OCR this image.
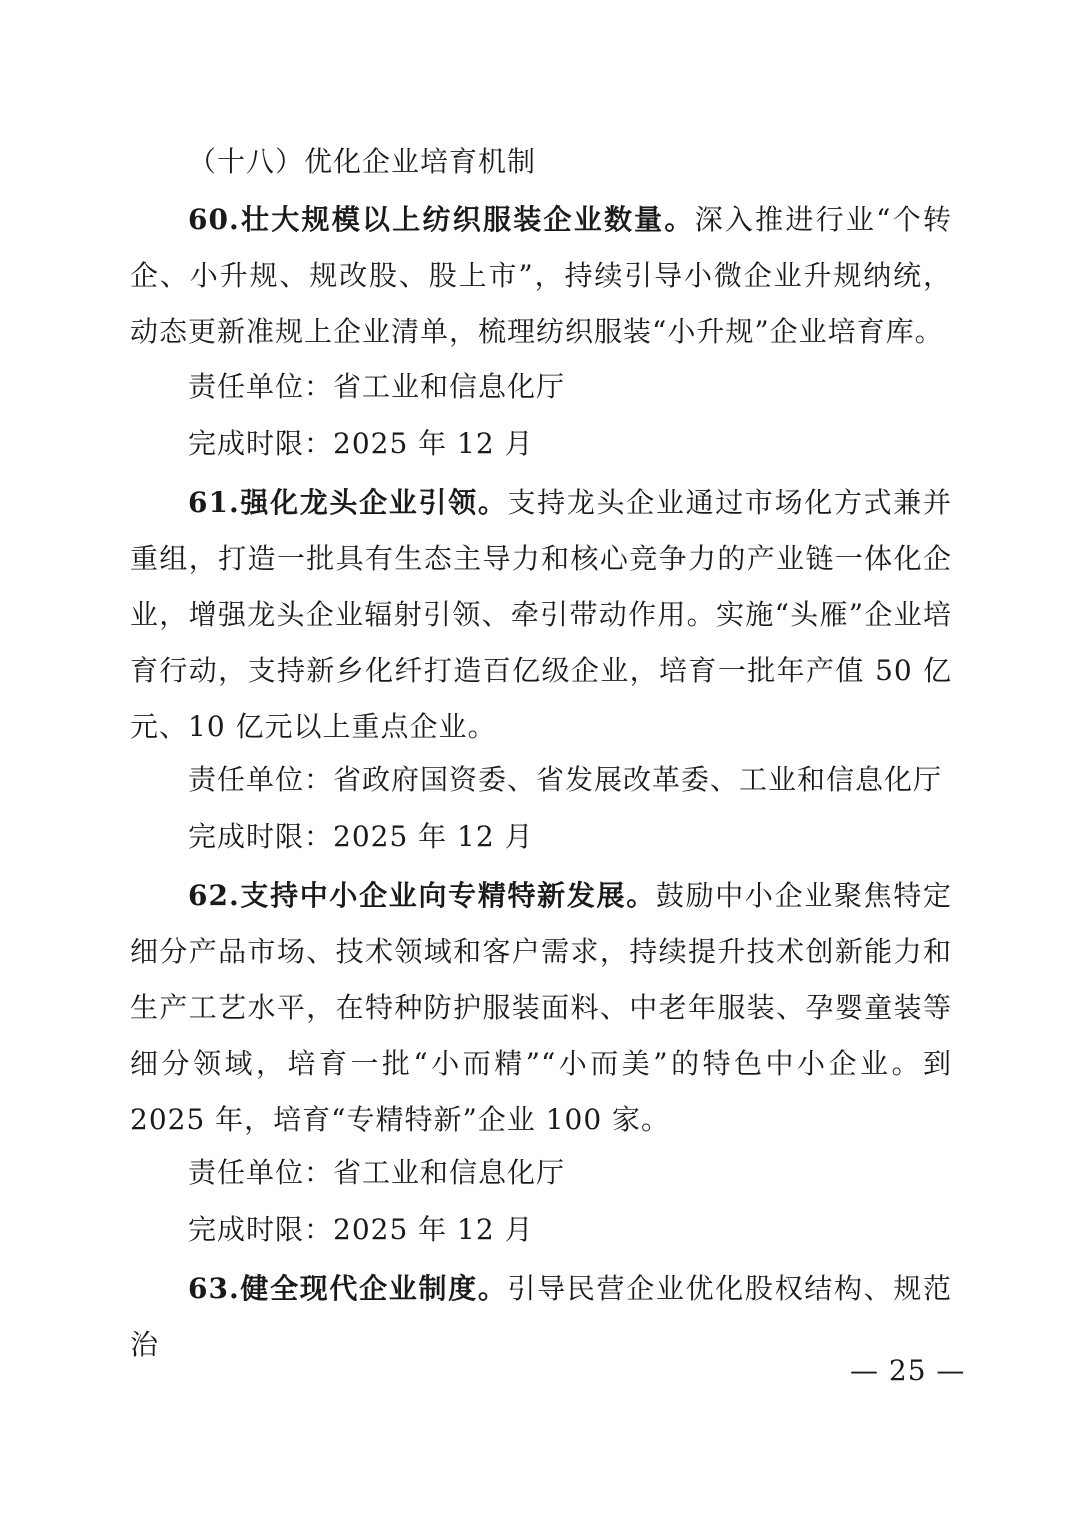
（十八）优化企业培育机制

60.壮大规模以上纺织服装企业数量。深入推进行业“个转企、小升规、规改股、股上市”，持续引导小微企业升规纳统，动态更新准规上企业清单，梳理纺织服装“小升规”企业培育库。

责任单位：省工业和信息化厅
完成时限：2025 年 12 月

61.强化龙头企业引领。支持龙头企业通过市场化方式兼并重组，打造一批具有生态主导力和核心竞争力的产业链一体化企业，增强龙头企业辐射引领、牵引带动作用。实施“头雁”企业培育行动，支持新乡化纤打造百亿级企业，培育一批年产值 50 亿元、10 亿元以上重点企业。

责任单位：省政府国资委、省发展改革委、工业和信息化厅
完成时限：2025 年 12 月

62.支持中小企业向专精特新发展。鼓励中小企业聚焦特定细分产品市场、技术领域和客户需求，持续提升技术创新能力和生产工艺水平，在特种防护服装面料、中老年服装、孕婴童装等细分领域，培育一批“小而精”“小而美”的特色中小企业。到 2025 年，培育“专精特新”企业 100 家。

责任单位：省工业和信息化厅
完成时限：2025 年 12 月

63.健全现代企业制度。引导民营企业优化股权结构、规范治

— 25 —
